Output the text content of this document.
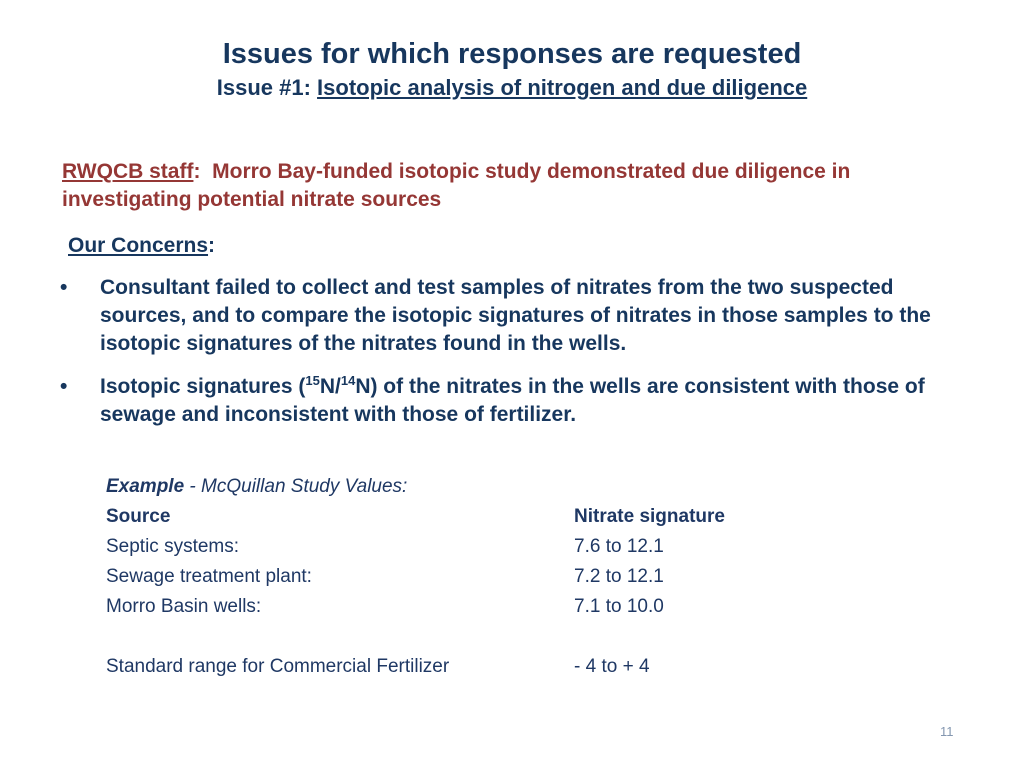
Issues for which responses are requested
Issue #1: Isotopic analysis of nitrogen and due diligence
RWQCB staff: Morro Bay-funded isotopic study demonstrated due diligence in investigating potential nitrate sources
Our Concerns:
• Consultant failed to collect and test samples of nitrates from the two suspected sources, and to compare the isotopic signatures of nitrates in those samples to the isotopic signatures of the nitrates found in the wells.
• Isotopic signatures ($^{15}$N/$^{14}$N) of the nitrates in the wells are consistent with those of sewage and inconsistent with those of fertilizer.
Example - McQuillan Study Values:
Source	Nitrate signature
Septic systems:	7.6 to 12.1
Sewage treatment plant:	7.2 to 12.1
Morro Basin wells:	7.1 to 10.0
Standard range for Commercial Fertilizer	- 4 to + 4
11
